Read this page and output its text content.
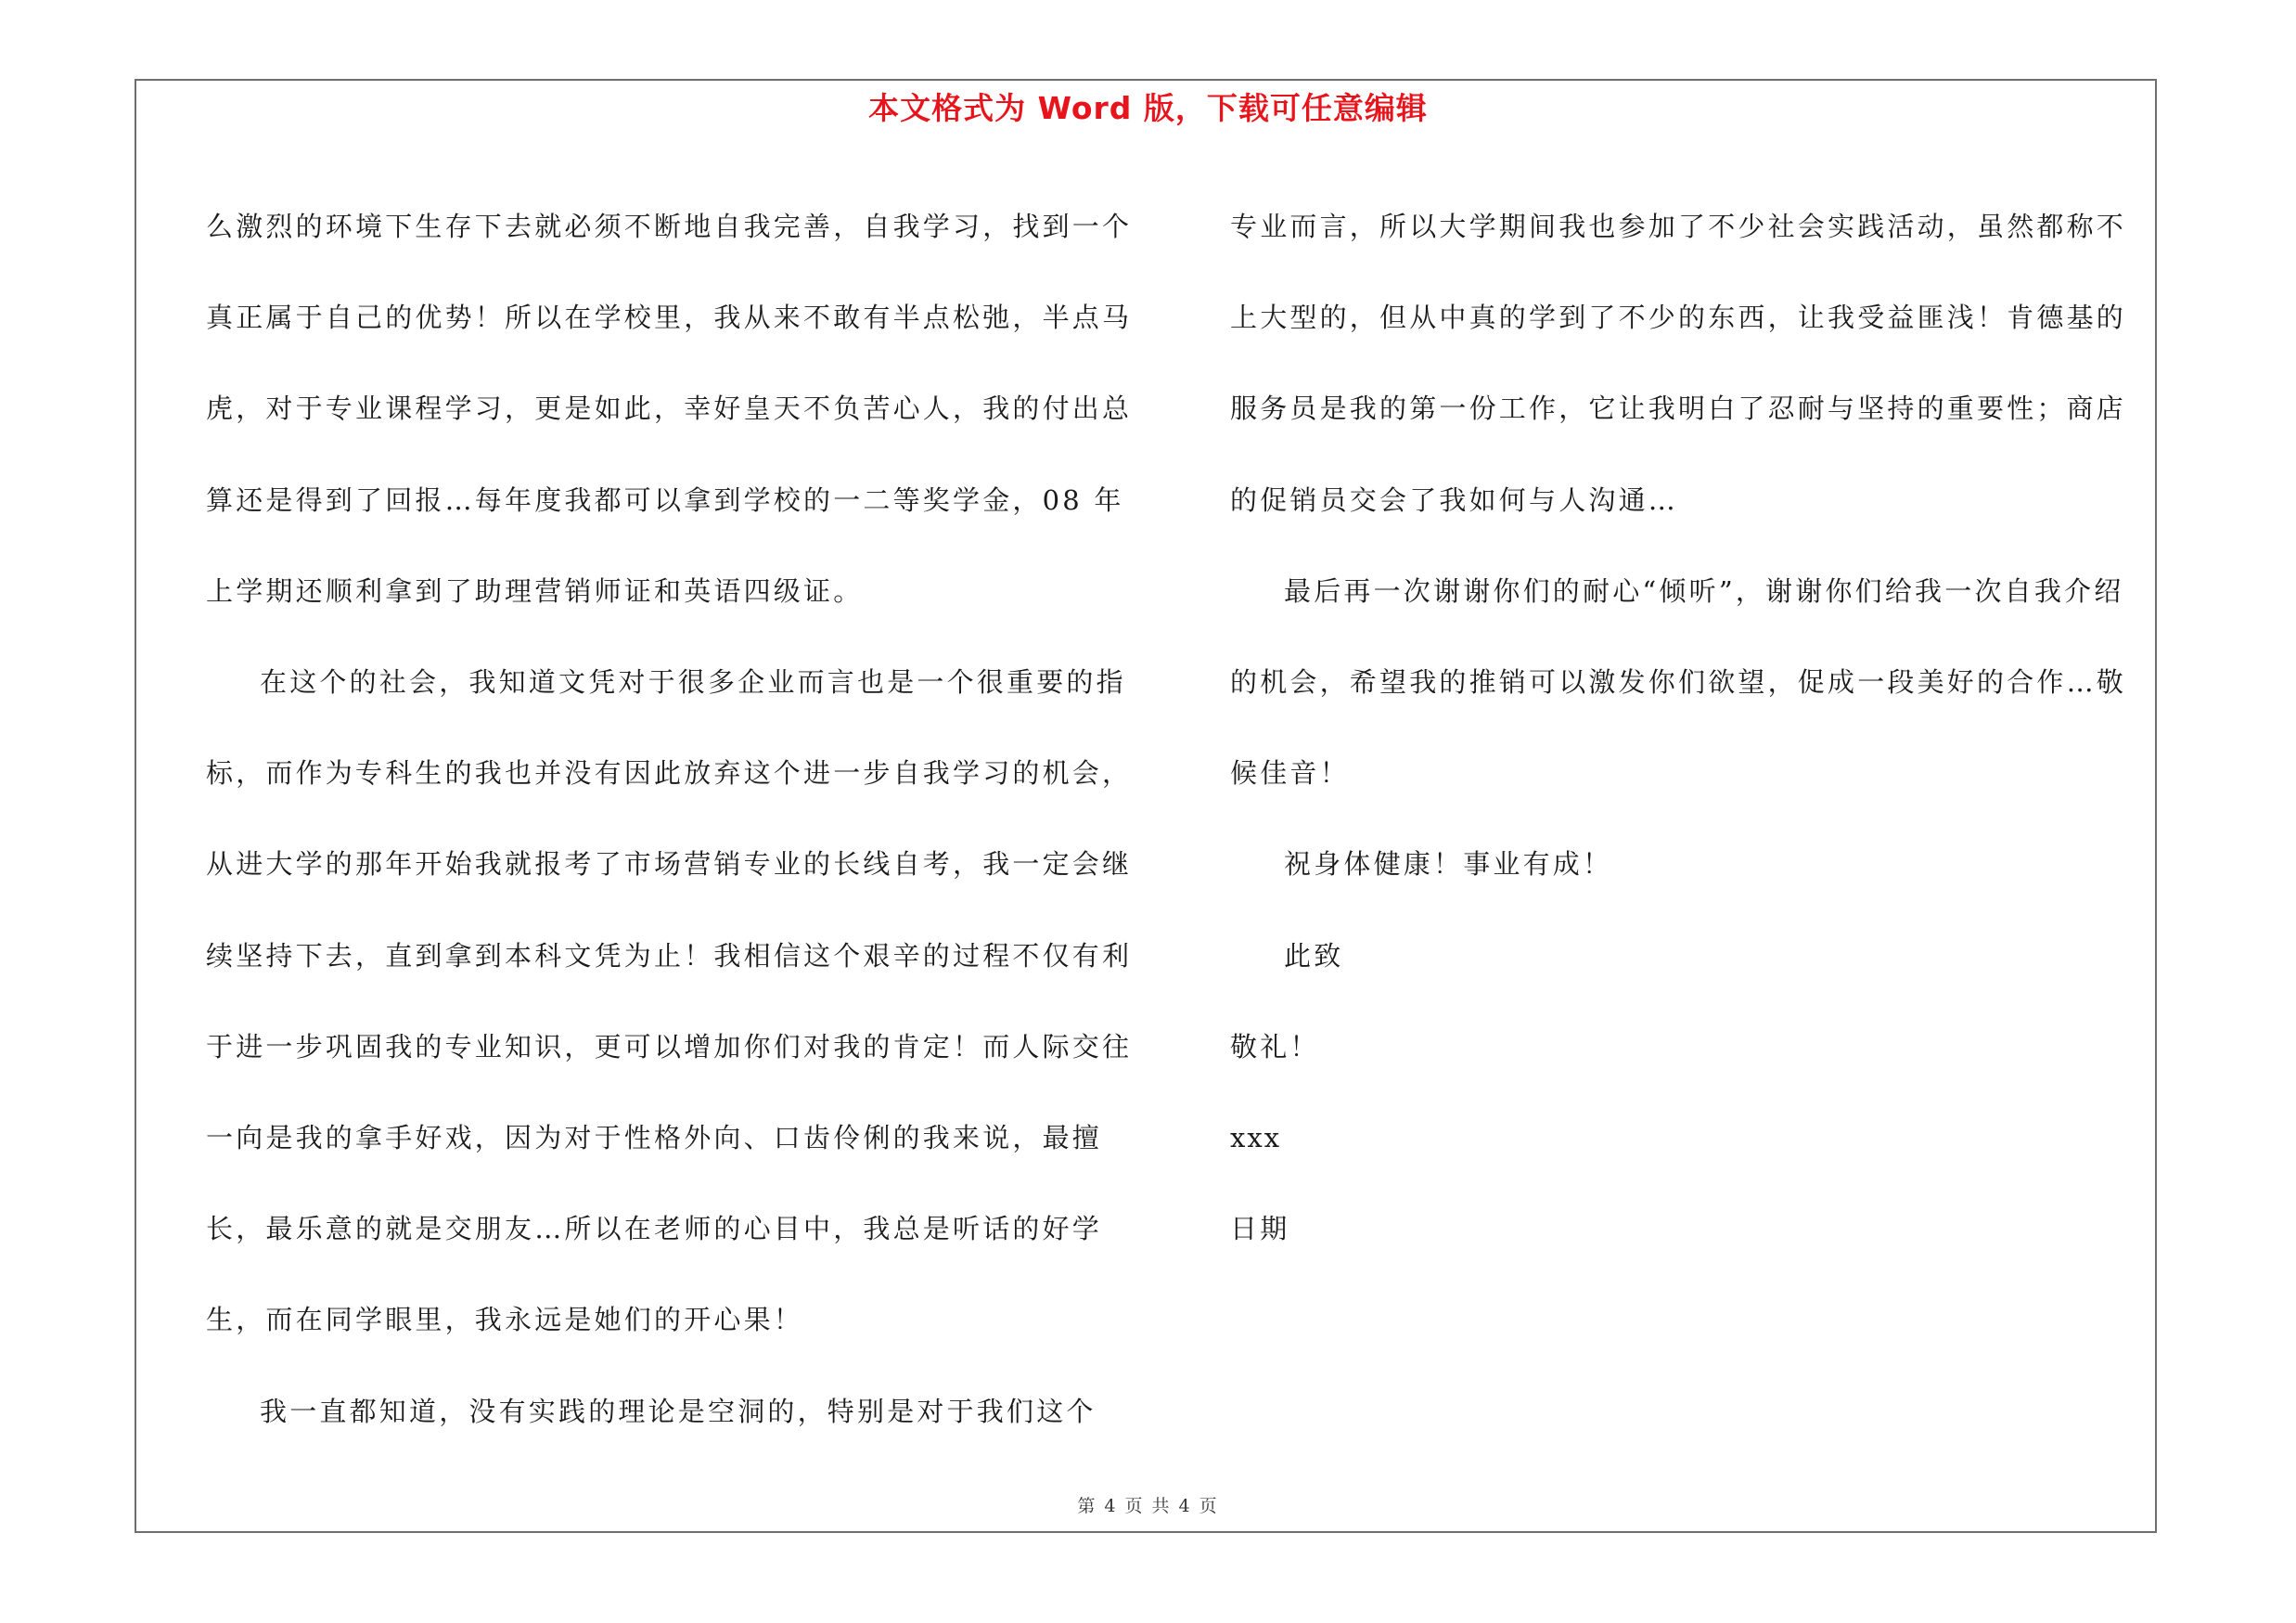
本文格式为 Word 版，下载可任意编辑

么激烈的环境下生存下去就必须不断地自我完善，自我学习，找到一个真正属于自己的优势！所以在学校里，我从来不敢有半点松弛，半点马虎，对于专业课程学习，更是如此，幸好皇天不负苦心人，我的付出总算还是得到了回报…每年度我都可以拿到学校的一二等奖学金，08 年上学期还顺利拿到了助理营销师证和英语四级证。

在这个的社会，我知道文凭对于很多企业而言也是一个很重要的指标，而作为专科生的我也并没有因此放弃这个进一步自我学习的机会，从进大学的那年开始我就报考了市场营销专业的长线自考，我一定会继续坚持下去，直到拿到本科文凭为止！我相信这个艰辛的过程不仅有利于进一步巩固我的专业知识，更可以增加你们对我的肯定！而人际交往一向是我的拿手好戏，因为对于性格外向、口齿伶俐的我来说，最擅长，最乐意的就是交朋友…所以在老师的心目中，我总是听话的好学生，而在同学眼里，我永远是她们的开心果！

我一直都知道，没有实践的理论是空洞的，特别是对于我们这个

专业而言，所以大学期间我也参加了不少社会实践活动，虽然都称不上大型的，但从中真的学到了不少的东西，让我受益匪浅！肯德基的服务员是我的第一份工作，它让我明白了忍耐与坚持的重要性；商店的促销员交会了我如何与人沟通…

最后再一次谢谢你们的耐心“倾听”，谢谢你们给我一次自我介绍的机会，希望我的推销可以激发你们欲望，促成一段美好的合作…敬候佳音！

祝身体健康！事业有成！

此致

敬礼！

xxx

日期

第 4 页 共 4 页
